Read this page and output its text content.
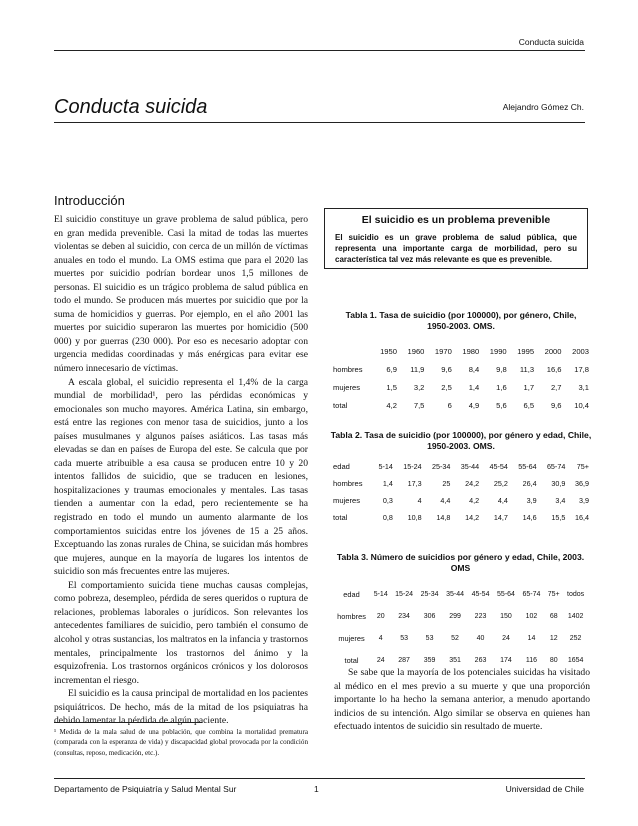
Conducta suicida
Conducta suicida	Alejandro Gómez Ch.
Introducción

El suicidio constituye un grave problema de salud pública, pero en gran medida prevenible. Casi la mitad de todas las muertes violentas se deben al suicidio, con cerca de un millón de víctimas anuales en todo el mundo. La OMS estima que para el 2020 las muertes por suicidio podrían bordear unos 1,5 millones de personas. El suicidio es un trágico problema de salud pública en todo el mundo. Se producen más muertes por suicidio que por la suma de homicidios y guerras. Por ejemplo, en el año 2001 las muertes por suicidio superaron las muertes por homicidio (500 000) y por guerras (230 000). Por eso es necesario adoptar con urgencia medidas coordinadas y más enérgicas para evitar ese número innecesario de víctimas.

A escala global, el suicidio representa el 1,4% de la carga mundial de morbilidad¹, pero las pérdidas económicas y emocionales son mucho mayores. América Latina, sin embargo, está entre las regiones con menor tasa de suicidios, junto a los países musulmanes y algunos países asiáticos. Las tasas más elevadas se dan en países de Europa del este. Se calcula que por cada muerte atribuible a esa causa se producen entre 10 y 20 intentos fallidos de suicidio, que se traducen en lesiones, hospitalizaciones y traumas emocionales y mentales. Las tasas tienden a aumentar con la edad, pero recientemente se ha registrado en todo el mundo un aumento alarmante de los comportamientos suicidas entre los jóvenes de 15 a 25 años. Exceptuando las zonas rurales de China, se suicidan más hombres que mujeres, aunque en la mayoría de lugares los intentos de suicidio son más frecuentes entre las mujeres.

El comportamiento suicida tiene muchas causas complejas, como pobreza, desempleo, pérdida de seres queridos o ruptura de relaciones, problemas laborales o jurídicos. Son relevantes los antecedentes familiares de suicidio, pero también el consumo de alcohol y otras sustancias, los maltratos en la infancia y trastornos mentales, principalmente los trastornos del ánimo y la esquizofrenia. Los trastornos orgánicos crónicos y los dolorosos incrementan el riesgo.

El suicidio es la causa principal de mortalidad en los pacientes psiquiátricos. De hecho, más de la mitad de los psiquiatras ha debido lamentar la pérdida de algún paciente.

¹ Medida de la mala salud de una población, que combina la mortalidad prematura (comparada con la esperanza de vida) y discapacidad global provocada por la condición (consultas, reposo, medicación, etc.).
El suicidio es un problema prevenible
El suicidio es un grave problema de salud pública, que representa una importante carga de morbilidad, pero su característica tal vez más relevante es que es prevenible.
Tabla 1. Tasa de suicidio (por 100000), por género, Chile, 1950-2003. OMS.
	1950	1960	1970	1980	1990	1995	2000	2003
hombres	6,9	11,9	9,6	8,4	9,8	11,3	16,6	17,8
mujeres	1,5	3,2	2,5	1,4	1,6	1,7	2,7	3,1
total	4,2	7,5	6	4,9	5,6	6,5	9,6	10,4
Tabla 2. Tasa de suicidio (por 100000), por género y edad, Chile, 1950-2003. OMS.
edad	5-14	15-24	25-34	35-44	45-54	55-64	65-74	75+
hombres	1,4	17,3	25	24,2	25,2	26,4	30,9	36,9
mujeres	0,3	4	4,4	4,2	4,4	3,9	3,4	3,9
total	0,8	10,8	14,8	14,2	14,7	14,6	15,5	16,4
Tabla 3. Número de suicidios por género y edad, Chile, 2003. OMS
edad	5-14	15-24	25-34	35-44	45-54	55-64	65-74	75+	todos
hombres	20	234	306	299	223	150	102	68	1402
mujeres	4	53	53	52	40	24	14	12	252
total	24	287	359	351	263	174	116	80	1654
Se sabe que la mayoría de los potenciales suicidas ha visitado al médico en el mes previo a su muerte y que una proporción importante lo ha hecho la semana anterior, a menudo aportando indicios de su intención. Algo similar se observa en quienes han efectuado intentos de suicidio sin resultado de muerte.
Departamento de Psiquiatría y Salud Mental Sur	1	Universidad de Chile
